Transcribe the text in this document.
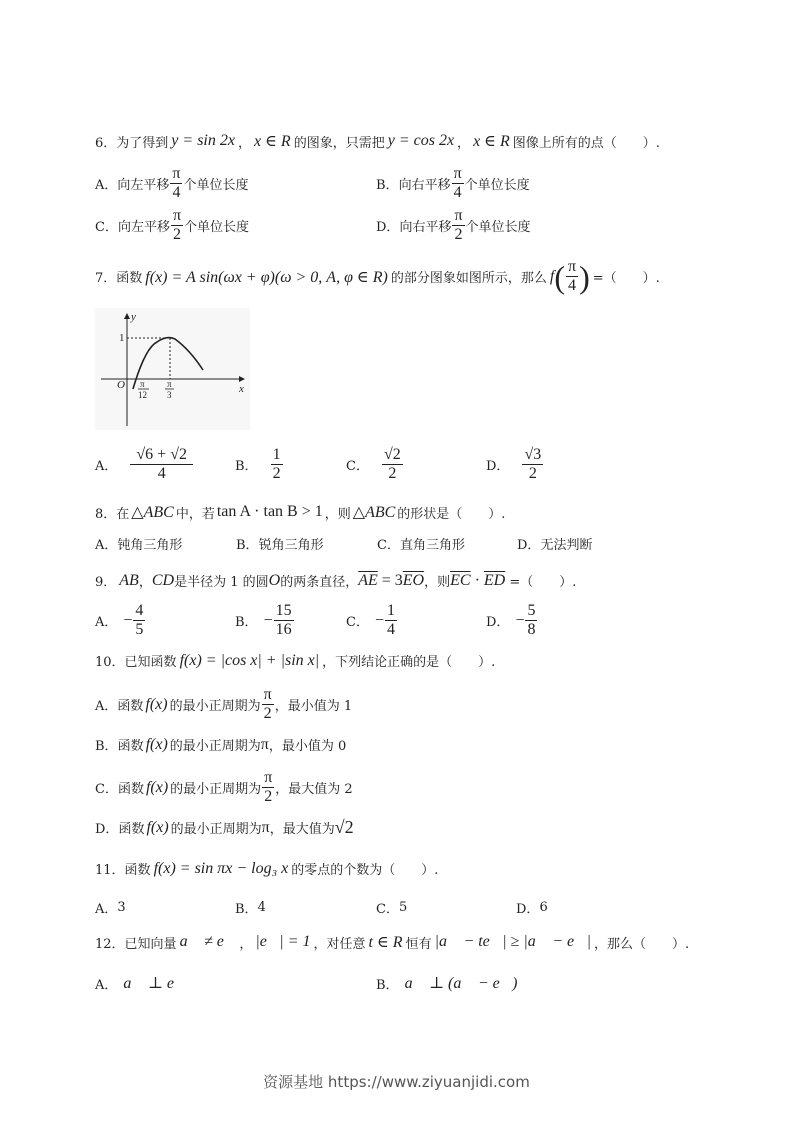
6． 为了得到 y = sin 2x ， x ∈ R 的图象，只需把 y = cos 2x ， x ∈ R 图像上所有的点（　　）.
A． 向左平移 $\frac{\pi}{4}$ 个单位长度	B． 向右平移 $\frac{\pi}{4}$ 个单位长度
C． 向左平移 $\frac{\pi}{2}$ 个单位长度	D． 向右平移 $\frac{\pi}{2}$ 个单位长度
7． 函数 f(x) = A sin(ωx + φ)(ω > 0, A, φ ∈ R) 的部分图象如图所示，那么 f ( $\frac{\pi}{4}$ ) =（　　）.
y
x
O
1
π
12
π
3
A． $\frac{√6 + √2}{4}$	B． $\frac{1}{2}$	C． $\frac{√2}{2}$	D． $\frac{√3}{2}$
8． 在 △ABC 中，若 tan A · tan B > 1 ，则 △ABC 的形状是（　　）.
A． 钝角三角形	B． 锐角三角形	C． 直角三角形	D． 无法判断
9． AB ， CD 是半径为 1 的圆 O 的两条直径， $\overline{AE} = 3$ $\overline{EO}$ ，则 $\overline{EC} \cdot \overline{ED}$ =（　　）.
A． − $\frac{4}{5}$	B． − $\frac{15}{16}$	C． − $\frac{1}{4}$	D． − $\frac{5}{8}$
10． 已知函数 f(x) = |cos x| + |sin x| ，下列结论正确的是（　　）.
A． 函数 f(x) 的最小正周期为 $\frac{\pi}{2}$ ，最小值为 1
B． 函数 f(x) 的最小正周期为 π ，最小值为 0
C． 函数 f(x) 的最小正周期为 $\frac{\pi}{2}$ ，最大值为 2
D． 函数 f(x) 的最小正周期为 π ，最大值为 √2
11． 函数 f(x) = sin πx − log₃ x 的零点的个数为（　　）.
A． 3	B． 4	C． 5	D． 6
12． 已知向量 a⃗ ≠ e⃗ ， |e⃗| = 1 ，对任意 t ∈ R 恒有 |a⃗ − te⃗| ≥ |a⃗ − e⃗| ，那么（　　）.
A． a⃗ ⊥ e⃗	B． a⃗ ⊥ (a⃗ − e⃗)
资源基地 https://www.ziyuanjidi.com
